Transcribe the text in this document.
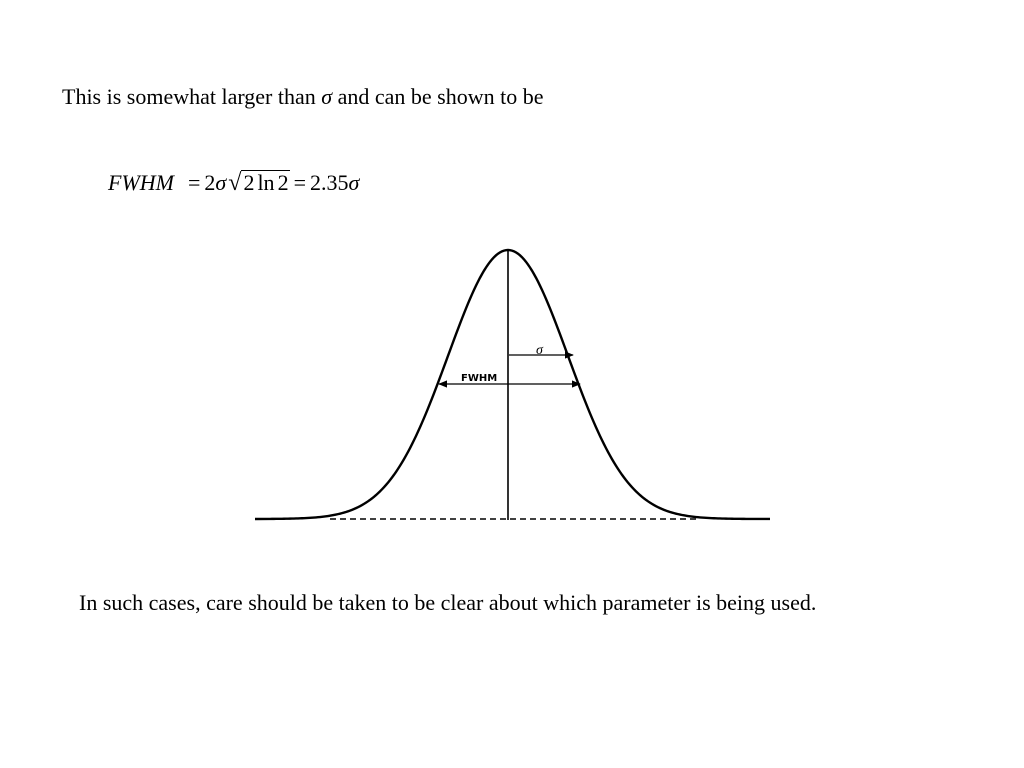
This is somewhat larger than σ and can be shown to be
FWHM = 2 σ √ 2 ln 2 = 2.35 σ
σ
FWHM
In such cases, care should be taken to be clear about which parameter is being used.
